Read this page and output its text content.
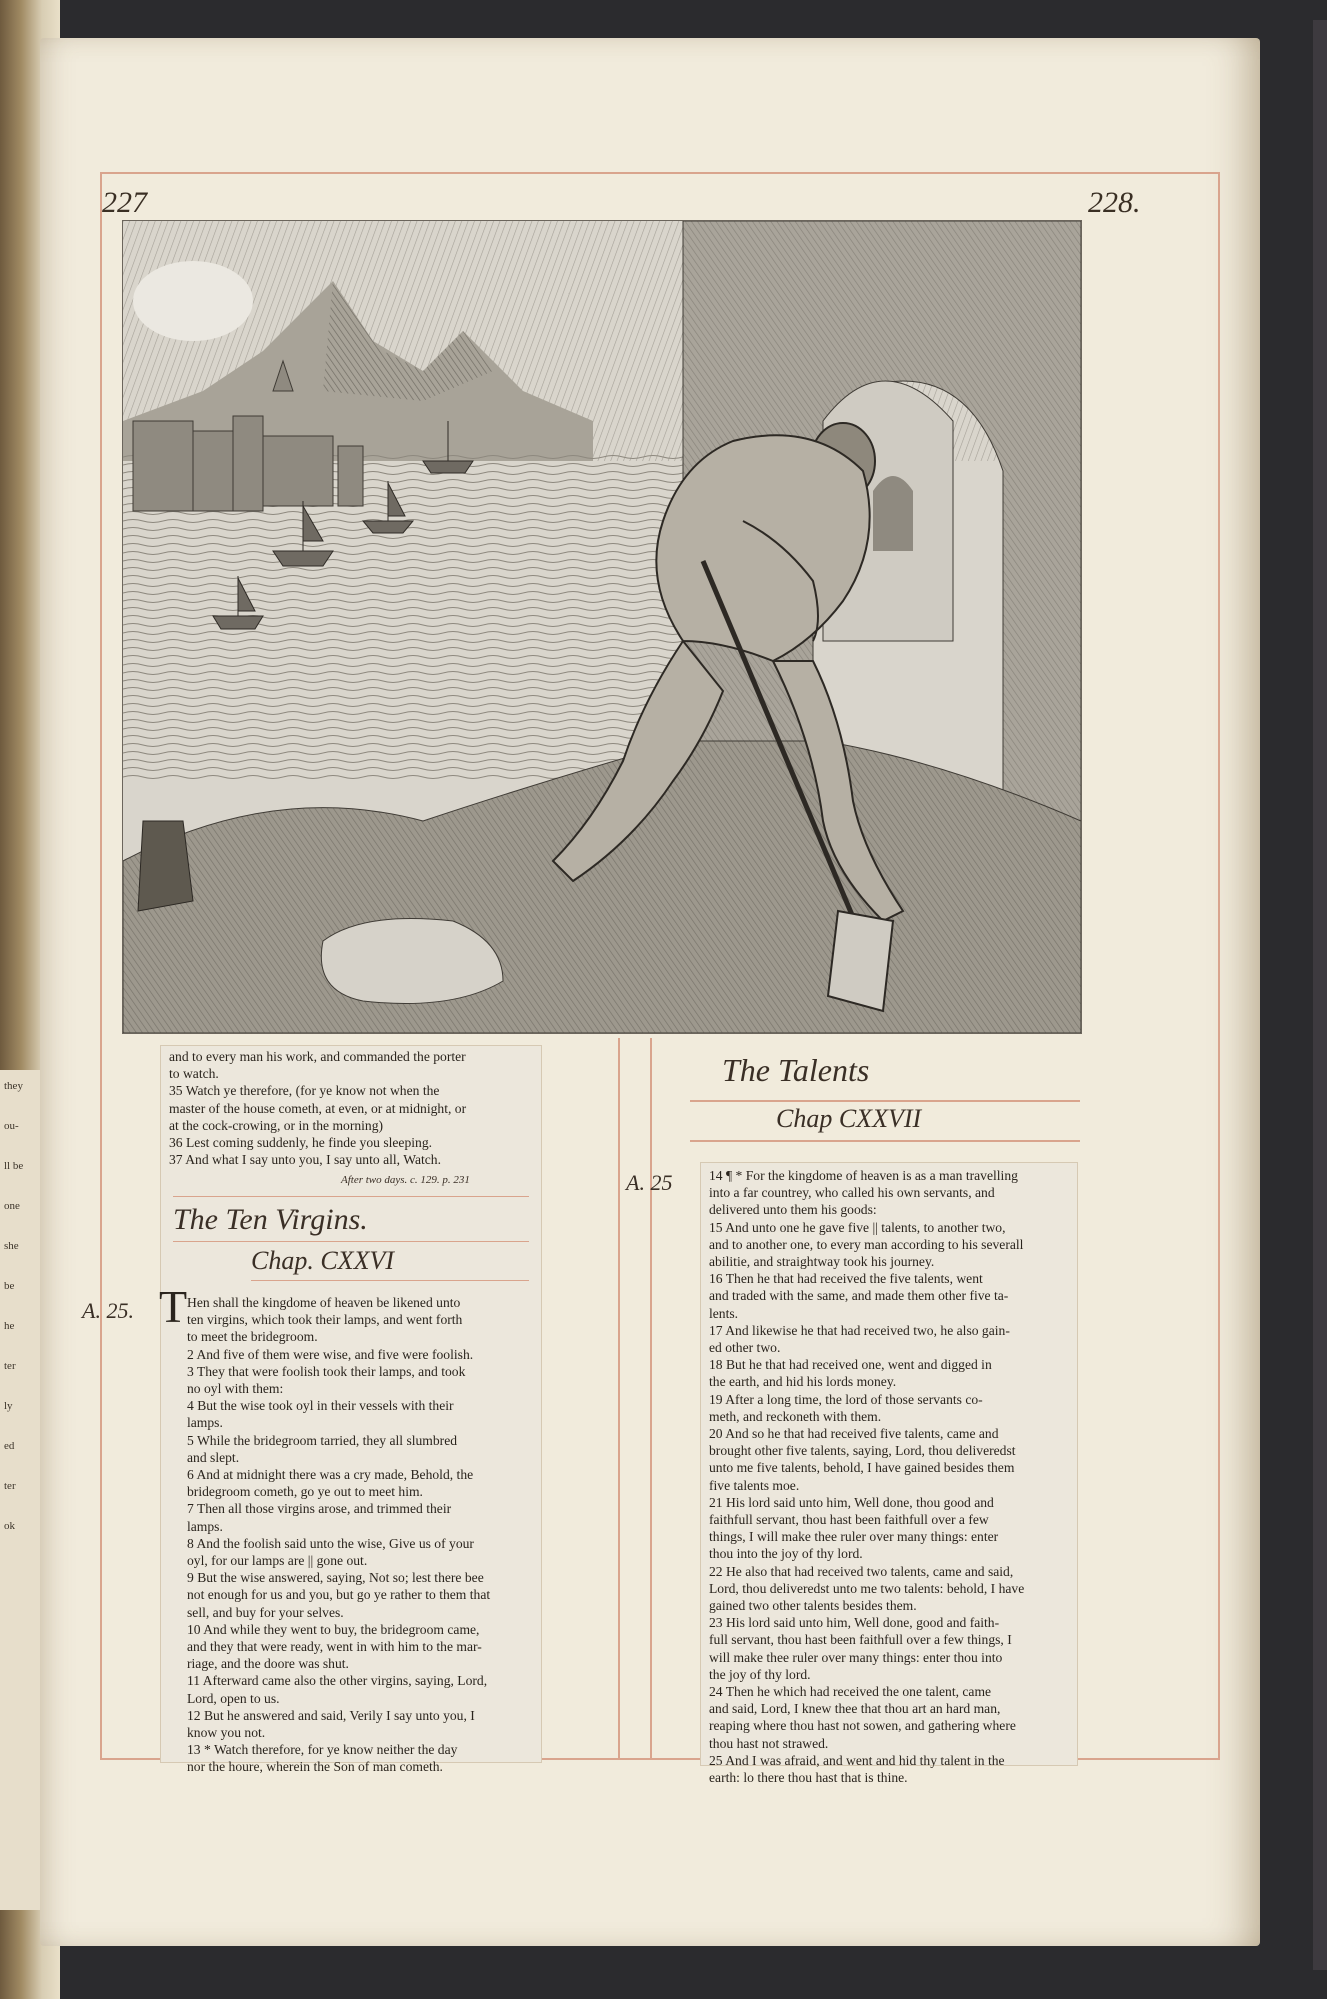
they
ou-
ll be
one
she
be
he
ter
ly
ed
ter
ok
227	228.
and to every man his work, and commanded the porter
to watch.
35 Watch ye therefore, (for ye know not when the
master of the house cometh, at even, or at midnight, or
at the cock-crowing, or in the morning)
36 Lest coming suddenly, he finde you sleeping.
37 And what I say unto you, I say unto all, Watch.
After two days. c. 129. p. 231
The Ten Virgins.
Chap. CXXVI
T Hen shall the kingdome of heaven be likened unto
ten virgins, which took their lamps, and went forth
to meet the bridegroom.
2 And five of them were wise, and five were foolish.
3 They that were foolish took their lamps, and took
no oyl with them:
4 But the wise took oyl in their vessels with their
lamps.
5 While the bridegroom tarried, they all slumbred
and slept.
6 And at midnight there was a cry made, Behold, the
bridegroom cometh, go ye out to meet him.
7 Then all those virgins arose, and trimmed their
lamps.
8 And the foolish said unto the wise, Give us of your
oyl, for our lamps are || gone out.
9 But the wise answered, saying, Not so; lest there bee
not enough for us and you, but go ye rather to them that
sell, and buy for your selves.
10 And while they went to buy, the bridegroom came,
and they that were ready, went in with him to the mar-
riage, and the doore was shut.
11 Afterward came also the other virgins, saying, Lord,
Lord, open to us.
12 But he answered and said, Verily I say unto you, I
know you not.
13 * Watch therefore, for ye know neither the day
nor the houre, wherein the Son of man cometh.
A. 25.
The Talents
Chap CXXVII
A. 25	14 ¶ * For the kingdome of heaven is as a man travelling
into a far countrey, who called his own servants, and
delivered unto them his goods:
15 And unto one he gave five || talents, to another two,
and to another one, to every man according to his severall
abilitie, and straightway took his journey.
16 Then he that had received the five talents, went
and traded with the same, and made them other five ta-
lents.
17 And likewise he that had received two, he also gain-
ed other two.
18 But he that had received one, went and digged in
the earth, and hid his lords money.
19 After a long time, the lord of those servants co-
meth, and reckoneth with them.
20 And so he that had received five talents, came and
brought other five talents, saying, Lord, thou deliveredst
unto me five talents, behold, I have gained besides them
five talents moe.
21 His lord said unto him, Well done, thou good and
faithfull servant, thou hast been faithfull over a few
things, I will make thee ruler over many things: enter
thou into the joy of thy lord.
22 He also that had received two talents, came and said,
Lord, thou deliveredst unto me two talents: behold, I have
gained two other talents besides them.
23 His lord said unto him, Well done, good and faith-
full servant, thou hast been faithfull over a few things, I
will make thee ruler over many things: enter thou into
the joy of thy lord.
24 Then he which had received the one talent, came
and said, Lord, I knew thee that thou art an hard man,
reaping where thou hast not sowen, and gathering where
thou hast not strawed.
25 And I was afraid, and went and hid thy talent in the
earth: lo there thou hast that is thine.
